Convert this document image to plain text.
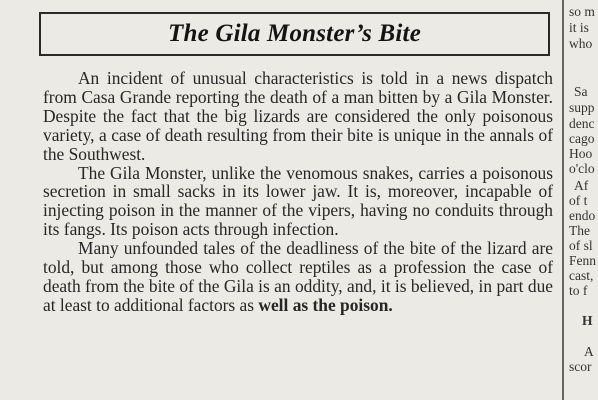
The Gila Monster’s Bite

An incident of unusual characteristics is told in a news dispatch from Casa Grande reporting the death of a man bitten by a Gila Monster. Despite the fact that the big lizards are considered the only poisonous variety, a case of death resulting from their bite is unique in the annals of the Southwest.

The Gila Monster, unlike the venomous snakes, carries a poisonous secretion in small sacks in its lower jaw. It is, moreover, incapable of injecting poison in the manner of the vipers, having no conduits through its fangs. Its poison acts through infection.

Many unfounded tales of the deadliness of the bite of the lizard are told, but among those who collect reptiles as a profession the case of death from the bite of the Gila is an oddity, and, it is believed, in part due at least to additional factors as well as the poison.

so m
it is
who
Sa
supp
denc
cago
Hoo
o'clo
Af
of t
endo
The
of sl
Fenn
cast,
to f
H
A
scor
